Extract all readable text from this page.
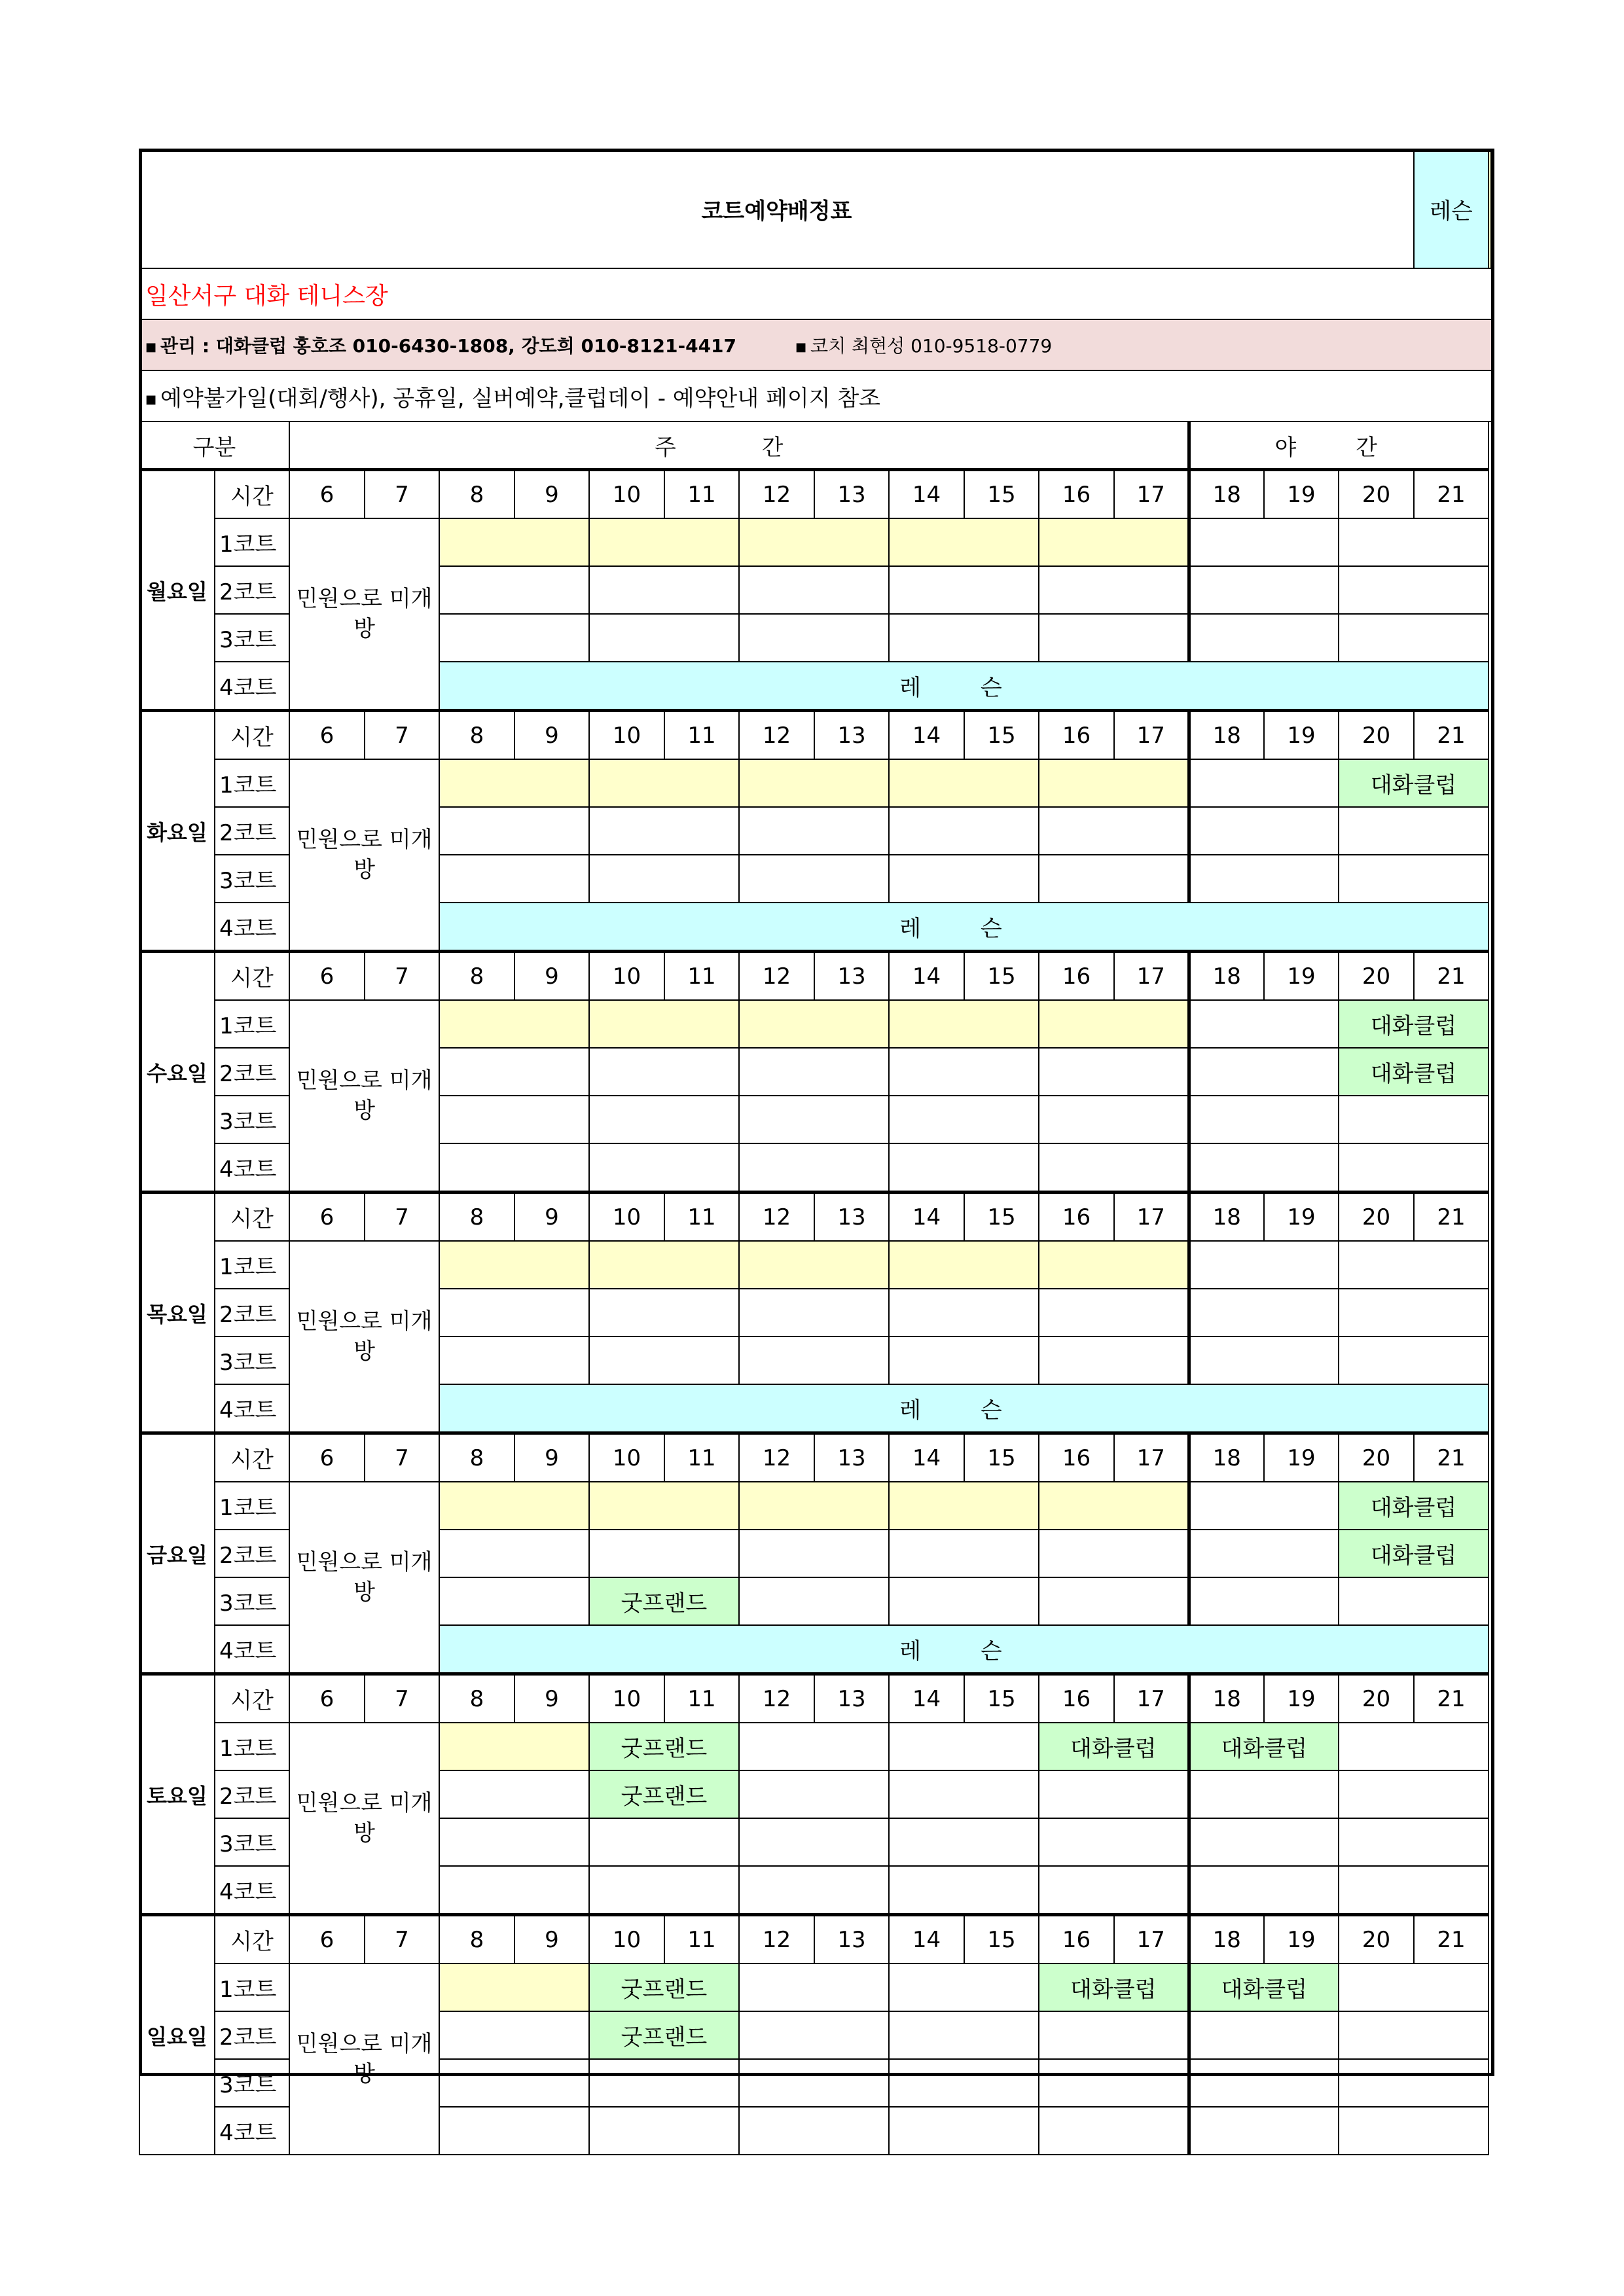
코트예약배정표																	레슨		
일산서구 대화 테니스장																			
■ 관리 : 대화클럽 홍호조 010-6430-1808, 강도희 010-8121-4417 ■ 코치 최현성 010-9518-0779																			
■ 예약불가일(대회/행사), 공휴일, 실버예약,클럽데이 - 예약안내 페이지 참조																			
구분		주 간												야 간					
월요일	시간	6	7	8	9	10	11	12	13	14	15	16	17	18	19	20	21		
	1코트	민원으로 미개방																	
	2코트																		
	3코트																		
	4코트			레 슨															
화요일	시간	6	7	8	9	10	11	12	13	14	15	16	17	18	19	20	21		
	1코트	민원으로 미개방														대화클럽			
	2코트																		
	3코트																		
	4코트			레 슨															
수요일	시간	6	7	8	9	10	11	12	13	14	15	16	17	18	19	20	21		
	1코트	민원으로 미개방														대화클럽			
	2코트															대화클럽			
	3코트																		
	4코트																		
목요일	시간	6	7	8	9	10	11	12	13	14	15	16	17	18	19	20	21		
	1코트	민원으로 미개방																	
	2코트																		
	3코트																		
	4코트			레 슨															
금요일	시간	6	7	8	9	10	11	12	13	14	15	16	17	18	19	20	21		
	1코트	민원으로 미개방														대화클럽			
	2코트															대화클럽			
	3코트					굿프랜드													
	4코트			레 슨															
토요일	시간	6	7	8	9	10	11	12	13	14	15	16	17	18	19	20	21		
	1코트	민원으로 미개방				굿프랜드						대화클럽		대화클럽					
	2코트					굿프랜드													
	3코트																		
	4코트																		
일요일	시간	6	7	8	9	10	11	12	13	14	15	16	17	18	19	20	21		
	1코트	민원으로 미개방				굿프랜드						대화클럽		대화클럽					
	2코트					굿프랜드													
	3코트																		
	4코트																		
